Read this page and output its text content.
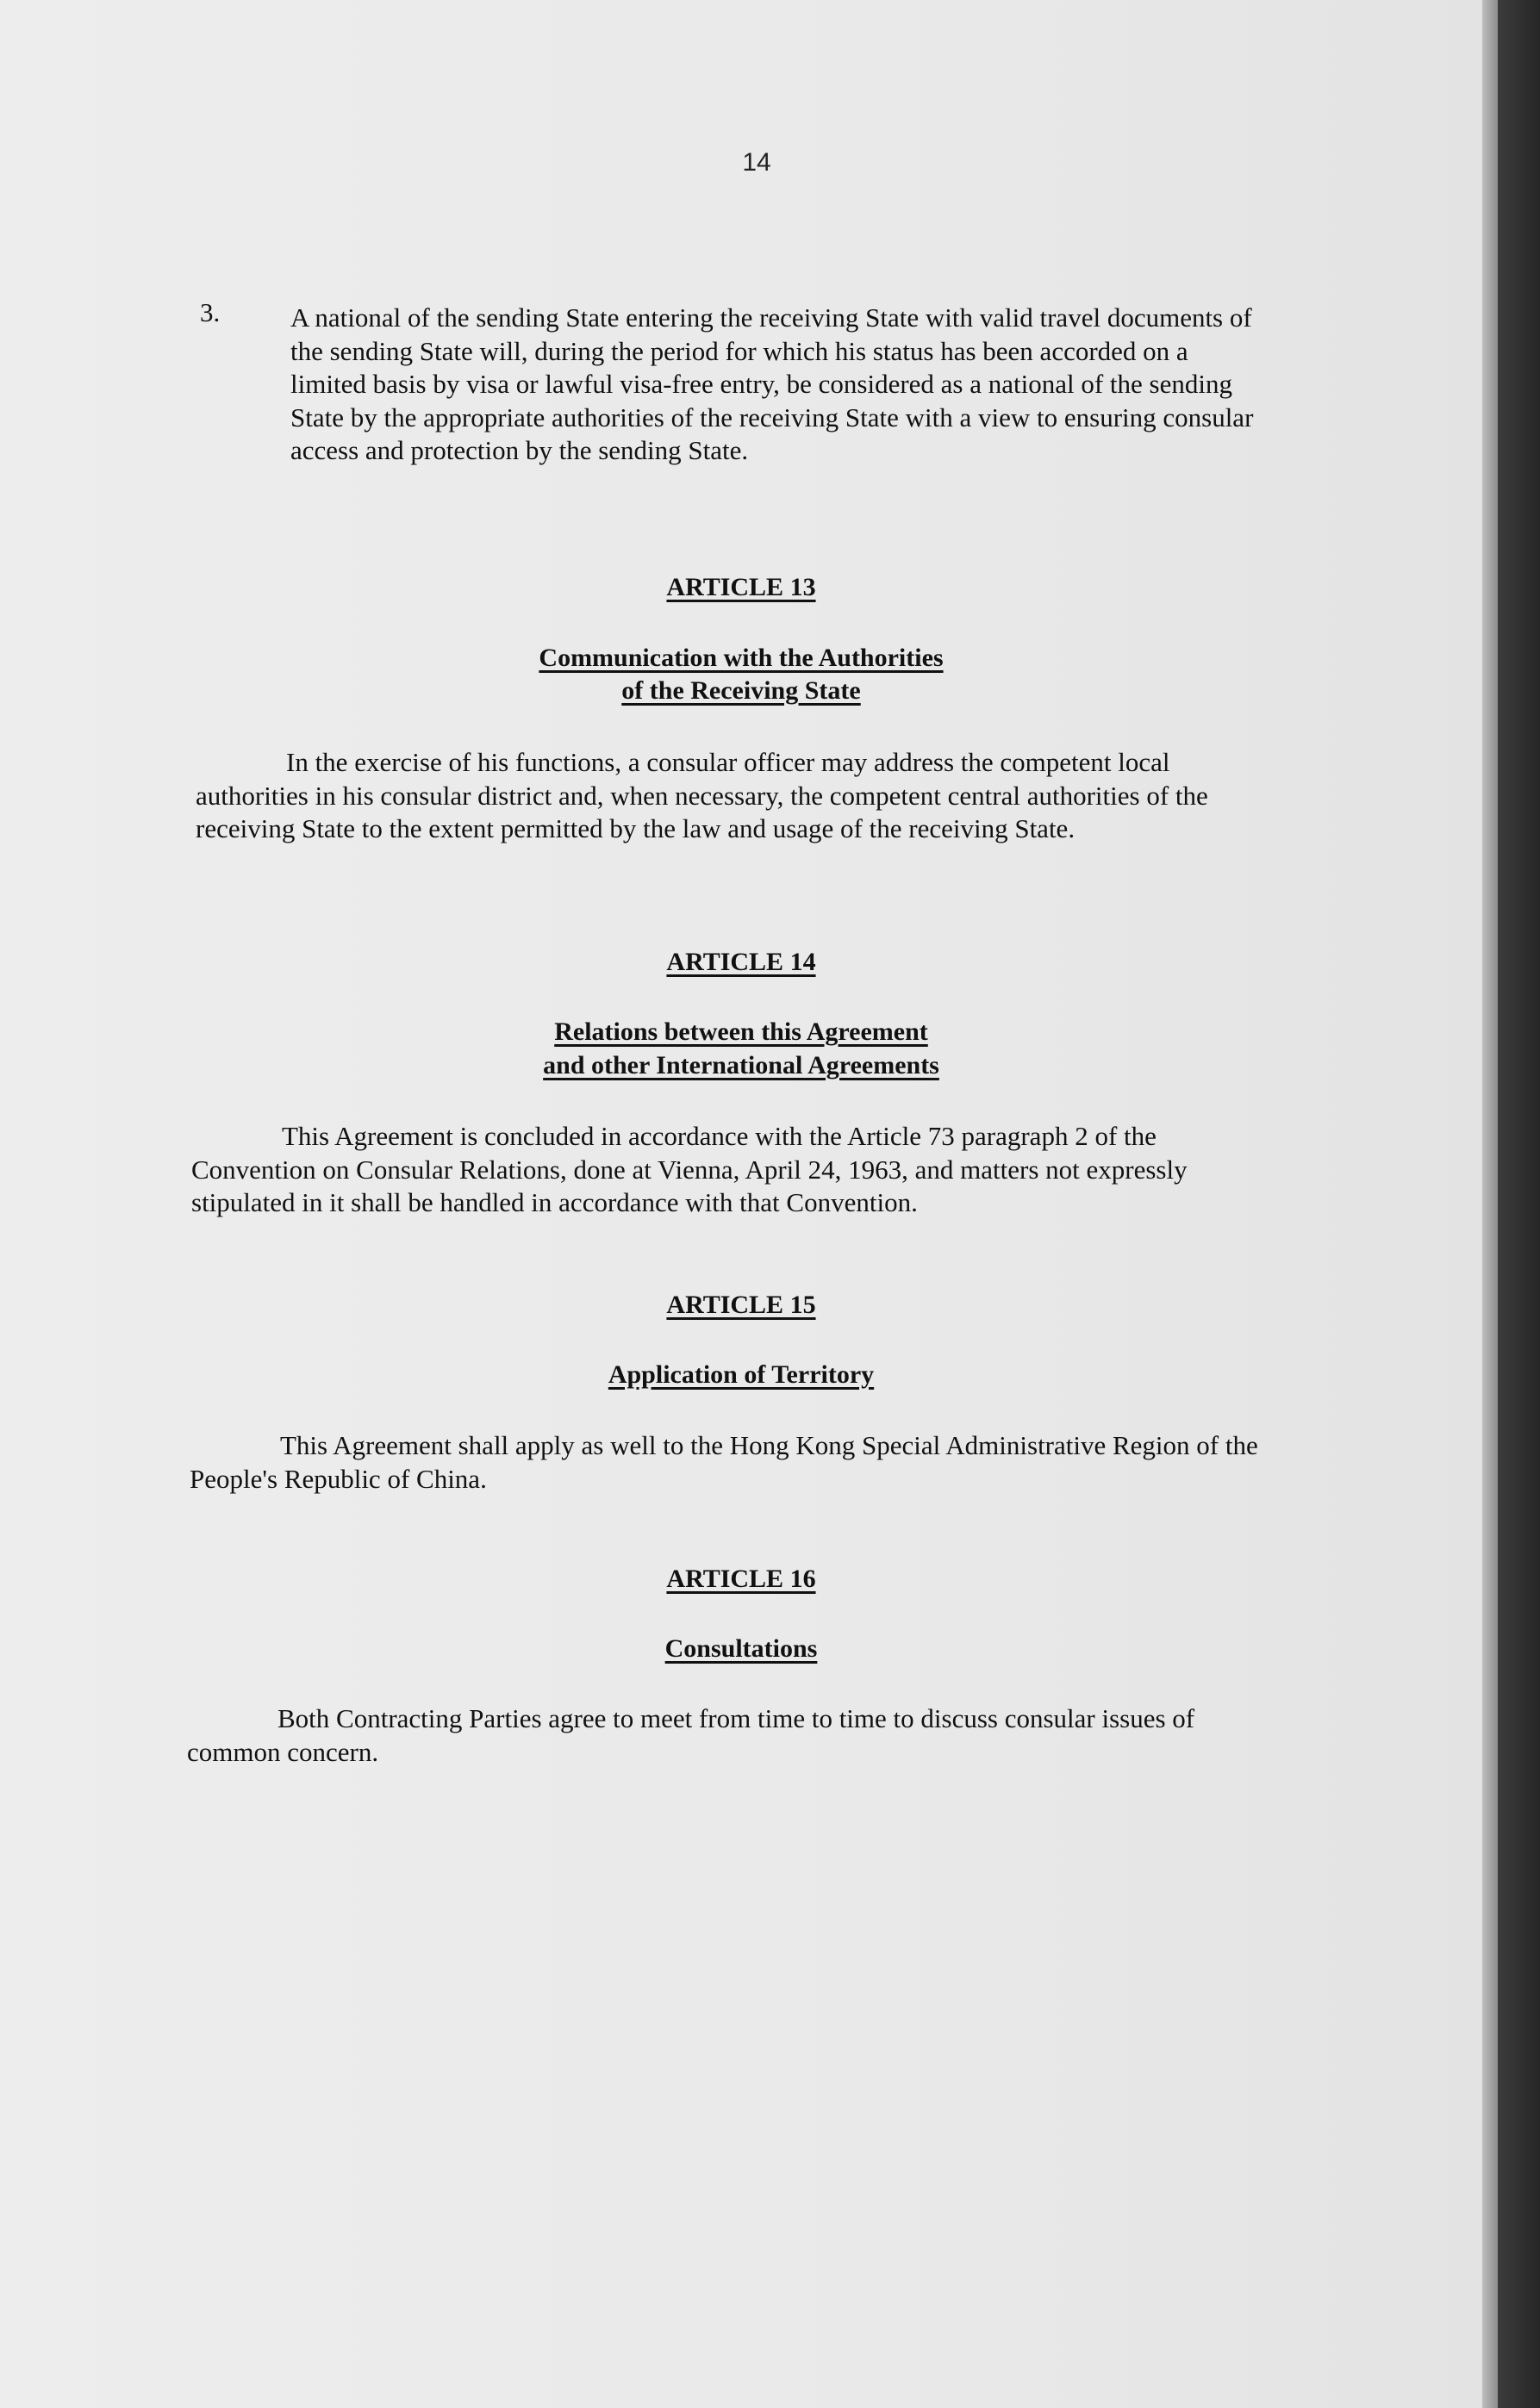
14
3.	A national of the sending State entering the receiving State with valid travel documents of the sending State will, during the period for which his status has been accorded on a limited basis by visa or lawful visa-free entry, be considered as a national of the sending State by the appropriate authorities of the receiving State with a view to ensuring consular access and protection by the sending State.

ARTICLE 13
Communication with the Authorities
of the Receiving State

In the exercise of his functions, a consular officer may address the competent local authorities in his consular district and, when necessary, the competent central authorities of the receiving State to the extent permitted by the law and usage of the receiving State.

ARTICLE 14
Relations between this Agreement
and other International Agreements

This Agreement is concluded in accordance with the Article 73 paragraph 2 of the Convention on Consular Relations, done at Vienna, April 24, 1963, and matters not expressly stipulated in it shall be handled in accordance with that Convention.

ARTICLE 15
Application of Territory

This Agreement shall apply as well to the Hong Kong Special Administrative Region of the People's Republic of China.

ARTICLE 16
Consultations

Both Contracting Parties agree to meet from time to time to discuss consular issues of common concern.
